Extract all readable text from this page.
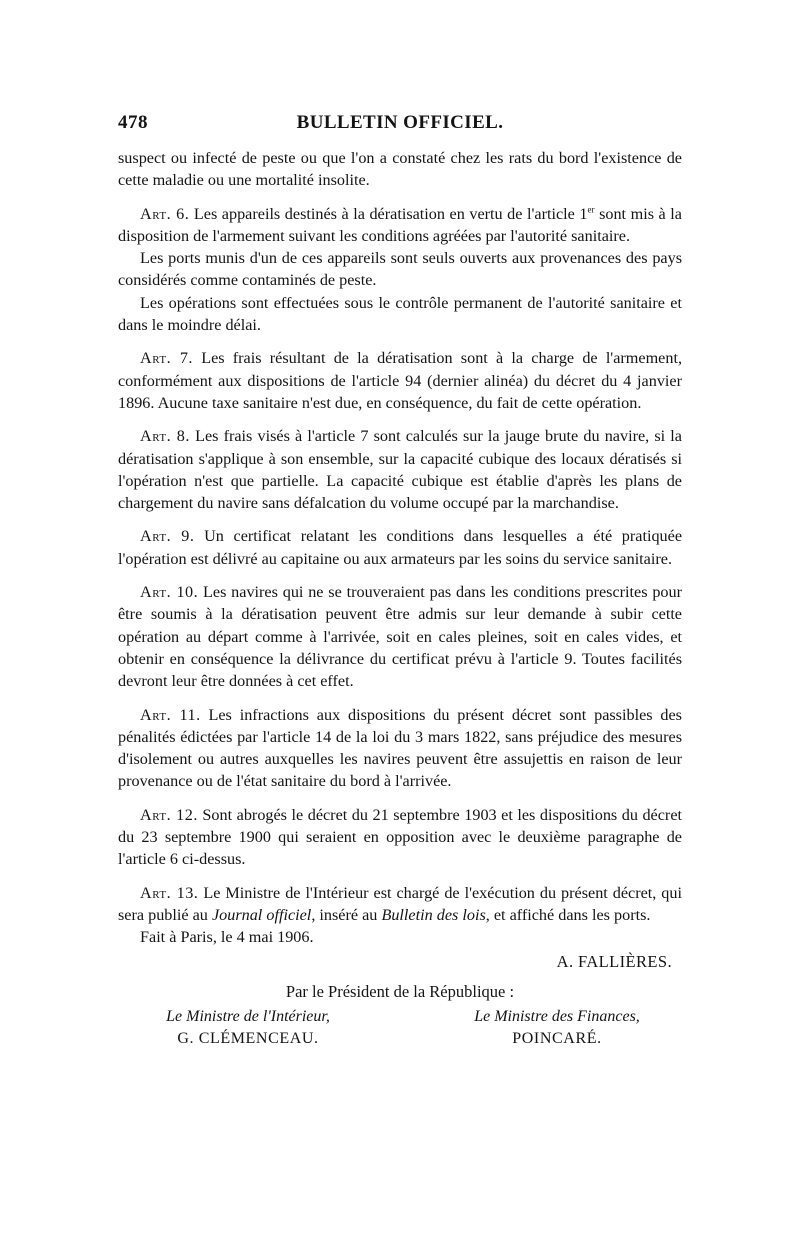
478	BULLETIN OFFICIEL.

suspect ou infecté de peste ou que l'on a constaté chez les rats du bord l'existence de cette maladie ou une mortalité insolite.

Art. 6. Les appareils destinés à la dératisation en vertu de l'article 1er sont mis à la disposition de l'armement suivant les conditions agréées par l'autorité sanitaire.

Les ports munis d'un de ces appareils sont seuls ouverts aux provenances des pays considérés comme contaminés de peste.

Les opérations sont effectuées sous le contrôle permanent de l'autorité sanitaire et dans le moindre délai.

Art. 7. Les frais résultant de la dératisation sont à la charge de l'armement, conformément aux dispositions de l'article 94 (dernier alinéa) du décret du 4 janvier 1896. Aucune taxe sanitaire n'est due, en conséquence, du fait de cette opération.

Art. 8. Les frais visés à l'article 7 sont calculés sur la jauge brute du navire, si la dératisation s'applique à son ensemble, sur la capacité cubique des locaux dératisés si l'opération n'est que partielle. La capacité cubique est établie d'après les plans de chargement du navire sans défalcation du volume occupé par la marchandise.

Art. 9. Un certificat relatant les conditions dans lesquelles a été pratiquée l'opération est délivré au capitaine ou aux armateurs par les soins du service sanitaire.

Art. 10. Les navires qui ne se trouveraient pas dans les conditions prescrites pour être soumis à la dératisation peuvent être admis sur leur demande à subir cette opération au départ comme à l'arrivée, soit en cales pleines, soit en cales vides, et obtenir en conséquence la délivrance du certificat prévu à l'article 9. Toutes facilités devront leur être données à cet effet.

Art. 11. Les infractions aux dispositions du présent décret sont passibles des pénalités édictées par l'article 14 de la loi du 3 mars 1822, sans préjudice des mesures d'isolement ou autres auxquelles les navires peuvent être assujettis en raison de leur provenance ou de l'état sanitaire du bord à l'arrivée.

Art. 12. Sont abrogés le décret du 21 septembre 1903 et les dispositions du décret du 23 septembre 1900 qui seraient en opposition avec le deuxième paragraphe de l'article 6 ci-dessus.

Art. 13. Le Ministre de l'Intérieur est chargé de l'exécution du présent décret, qui sera publié au Journal officiel, inséré au Bulletin des lois, et affiché dans les ports.

Fait à Paris, le 4 mai 1906.

A. FALLIÈRES.
Par le Président de la République :
Le Ministre de l'Intérieur,
G. CLÉMENCEAU.
Le Ministre des Finances,
POINCARÉ.
